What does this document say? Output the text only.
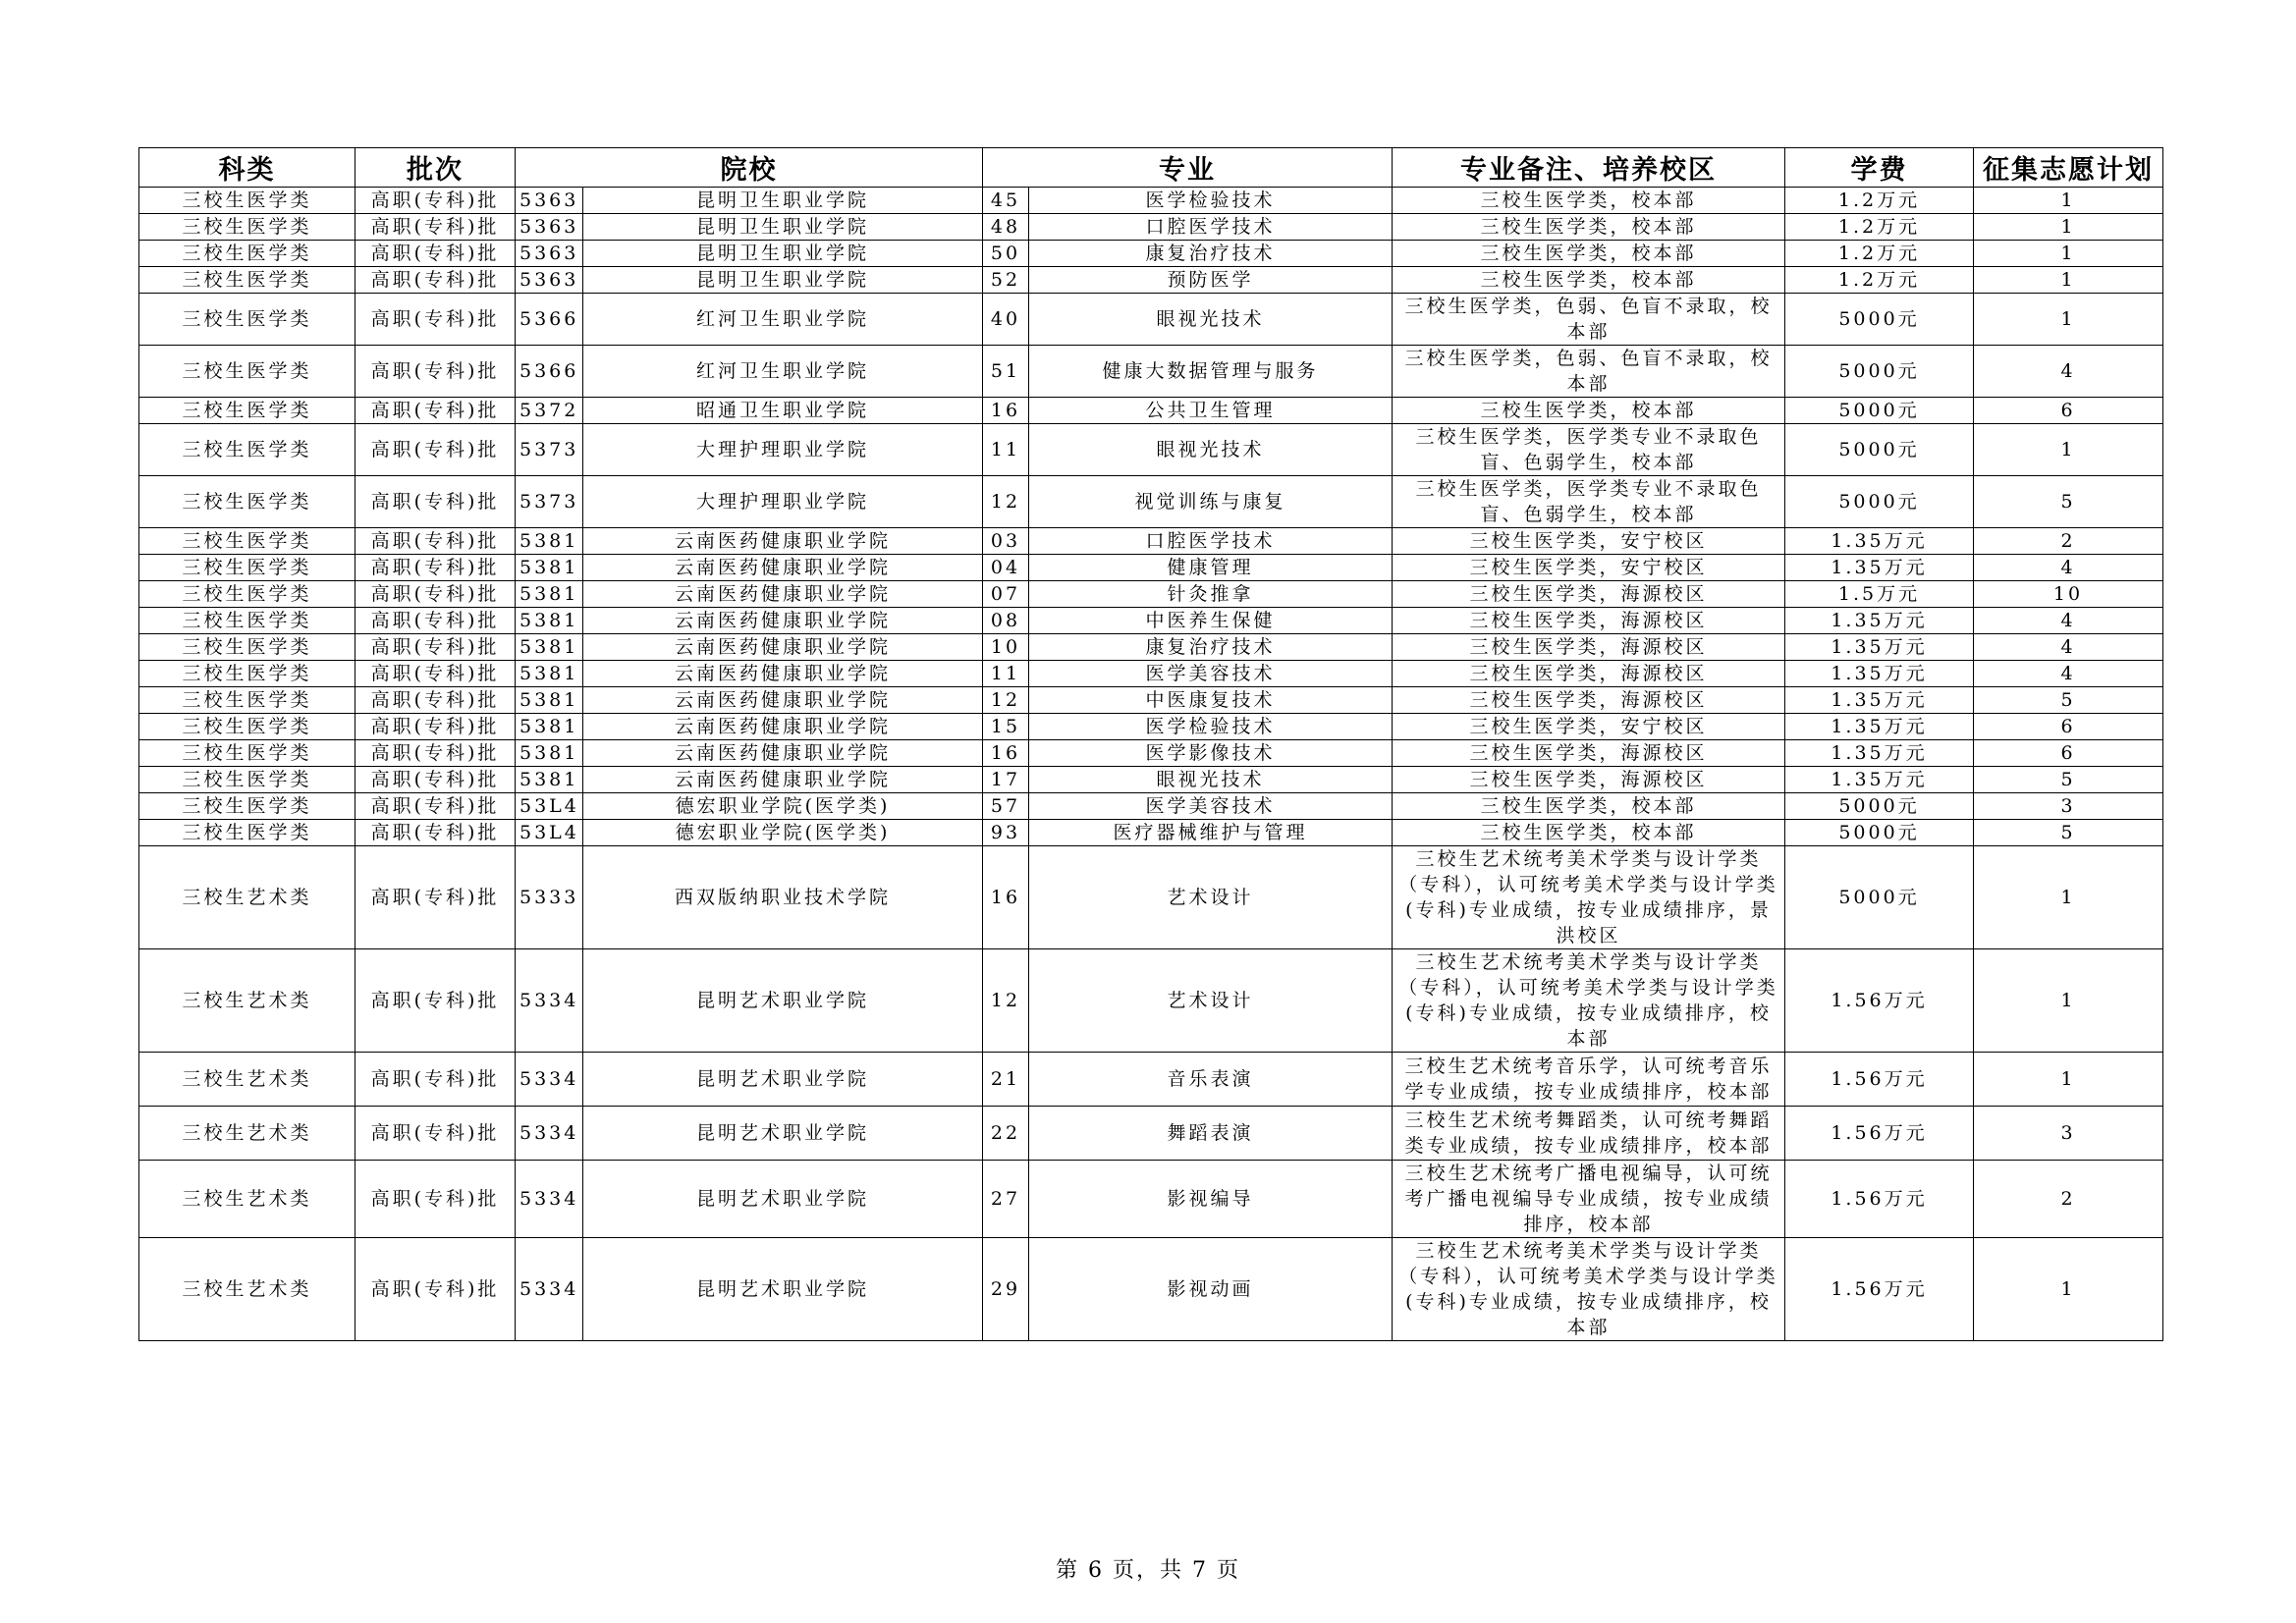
科类	批次	院校		专业		专业备注、培养校区	学费	征集志愿计划
三校生医学类	高职(专科)批	5363	昆明卫生职业学院	45	医学检验技术	三校生医学类，校本部	1.2万元	1
三校生医学类	高职(专科)批	5363	昆明卫生职业学院	48	口腔医学技术	三校生医学类，校本部	1.2万元	1
三校生医学类	高职(专科)批	5363	昆明卫生职业学院	50	康复治疗技术	三校生医学类，校本部	1.2万元	1
三校生医学类	高职(专科)批	5363	昆明卫生职业学院	52	预防医学	三校生医学类，校本部	1.2万元	1
三校生医学类	高职(专科)批	5366	红河卫生职业学院	40	眼视光技术	三校生医学类，色弱、色盲不录取，校本部	5000元	1
三校生医学类	高职(专科)批	5366	红河卫生职业学院	51	健康大数据管理与服务	三校生医学类，色弱、色盲不录取，校本部	5000元	4
三校生医学类	高职(专科)批	5372	昭通卫生职业学院	16	公共卫生管理	三校生医学类，校本部	5000元	6
三校生医学类	高职(专科)批	5373	大理护理职业学院	11	眼视光技术	三校生医学类，医学类专业不录取色盲、色弱学生，校本部	5000元	1
三校生医学类	高职(专科)批	5373	大理护理职业学院	12	视觉训练与康复	三校生医学类，医学类专业不录取色盲、色弱学生，校本部	5000元	5
三校生医学类	高职(专科)批	5381	云南医药健康职业学院	03	口腔医学技术	三校生医学类，安宁校区	1.35万元	2
三校生医学类	高职(专科)批	5381	云南医药健康职业学院	04	健康管理	三校生医学类，安宁校区	1.35万元	4
三校生医学类	高职(专科)批	5381	云南医药健康职业学院	07	针灸推拿	三校生医学类，海源校区	1.5万元	10
三校生医学类	高职(专科)批	5381	云南医药健康职业学院	08	中医养生保健	三校生医学类，海源校区	1.35万元	4
三校生医学类	高职(专科)批	5381	云南医药健康职业学院	10	康复治疗技术	三校生医学类，海源校区	1.35万元	4
三校生医学类	高职(专科)批	5381	云南医药健康职业学院	11	医学美容技术	三校生医学类，海源校区	1.35万元	4
三校生医学类	高职(专科)批	5381	云南医药健康职业学院	12	中医康复技术	三校生医学类，海源校区	1.35万元	5
三校生医学类	高职(专科)批	5381	云南医药健康职业学院	15	医学检验技术	三校生医学类，安宁校区	1.35万元	6
三校生医学类	高职(专科)批	5381	云南医药健康职业学院	16	医学影像技术	三校生医学类，海源校区	1.35万元	6
三校生医学类	高职(专科)批	5381	云南医药健康职业学院	17	眼视光技术	三校生医学类，海源校区	1.35万元	5
三校生医学类	高职(专科)批	53L4	德宏职业学院(医学类)	57	医学美容技术	三校生医学类，校本部	5000元	3
三校生医学类	高职(专科)批	53L4	德宏职业学院(医学类)	93	医疗器械维护与管理	三校生医学类，校本部	5000元	5
三校生艺术类	高职(专科)批	5333	西双版纳职业技术学院	16	艺术设计	三校生艺术统考美术学类与设计学类（专科），认可统考美术学类与设计学类(专科)专业成绩，按专业成绩排序，景洪校区	5000元	1
三校生艺术类	高职(专科)批	5334	昆明艺术职业学院	12	艺术设计	三校生艺术统考美术学类与设计学类（专科），认可统考美术学类与设计学类(专科)专业成绩，按专业成绩排序，校本部	1.56万元	1
三校生艺术类	高职(专科)批	5334	昆明艺术职业学院	21	音乐表演	三校生艺术统考音乐学，认可统考音乐学专业成绩，按专业成绩排序，校本部	1.56万元	1
三校生艺术类	高职(专科)批	5334	昆明艺术职业学院	22	舞蹈表演	三校生艺术统考舞蹈类，认可统考舞蹈类专业成绩，按专业成绩排序，校本部	1.56万元	3
三校生艺术类	高职(专科)批	5334	昆明艺术职业学院	27	影视编导	三校生艺术统考广播电视编导，认可统考广播电视编导专业成绩，按专业成绩排序，校本部	1.56万元	2
三校生艺术类	高职(专科)批	5334	昆明艺术职业学院	29	影视动画	三校生艺术统考美术学类与设计学类（专科），认可统考美术学类与设计学类(专科)专业成绩，按专业成绩排序，校本部	1.56万元	1
第 6 页，共 7 页
